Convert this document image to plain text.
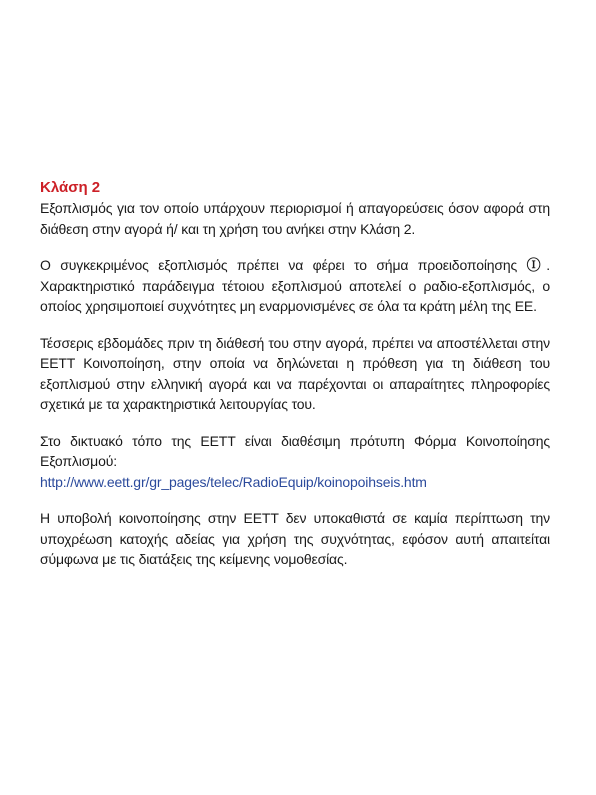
Κλάση 2

Εξοπλισμός για τον οποίο υπάρχουν περιορισμοί ή απαγορεύσεις όσον αφορά στη διάθεση στην αγορά ή/ και τη χρήση του ανήκει στην Κλάση 2.

Ο συγκεκριμένος εξοπλισμός πρέπει να φέρει το σήμα προειδοποίησης Ⓘ. Χαρακτηριστικό παράδειγμα τέτοιου εξοπλισμού αποτελεί ο ραδιο-εξοπλισμός, ο οποίος χρησιμοποιεί συχνότητες μη εναρμονισμένες σε όλα τα κράτη μέλη της ΕΕ.

Τέσσερις εβδομάδες πριν τη διάθεσή του στην αγορά, πρέπει να αποστέλλεται στην ΕΕΤΤ Κοινοποίηση, στην οποία να δηλώνεται η πρόθεση για τη διάθεση του εξοπλισμού στην ελληνική αγορά και να παρέχονται οι απαραίτητες πληροφορίες σχετικά με τα χαρακτηριστικά λειτουργίας του.

Στο δικτυακό τόπο της ΕΕΤΤ είναι διαθέσιμη πρότυπη Φόρμα Κοινοποίησης Εξοπλισμού:
http://www.eett.gr/gr_pages/telec/RadioEquip/koinopoihseis.htm

Η υποβολή κοινοποίησης στην ΕΕΤΤ δεν υποκαθιστά σε καμία περίπτωση την υποχρέωση κατοχής αδείας για χρήση της συχνότητας, εφόσον αυτή απαιτείται σύμφωνα με τις διατάξεις της κείμενης νομοθεσίας.
